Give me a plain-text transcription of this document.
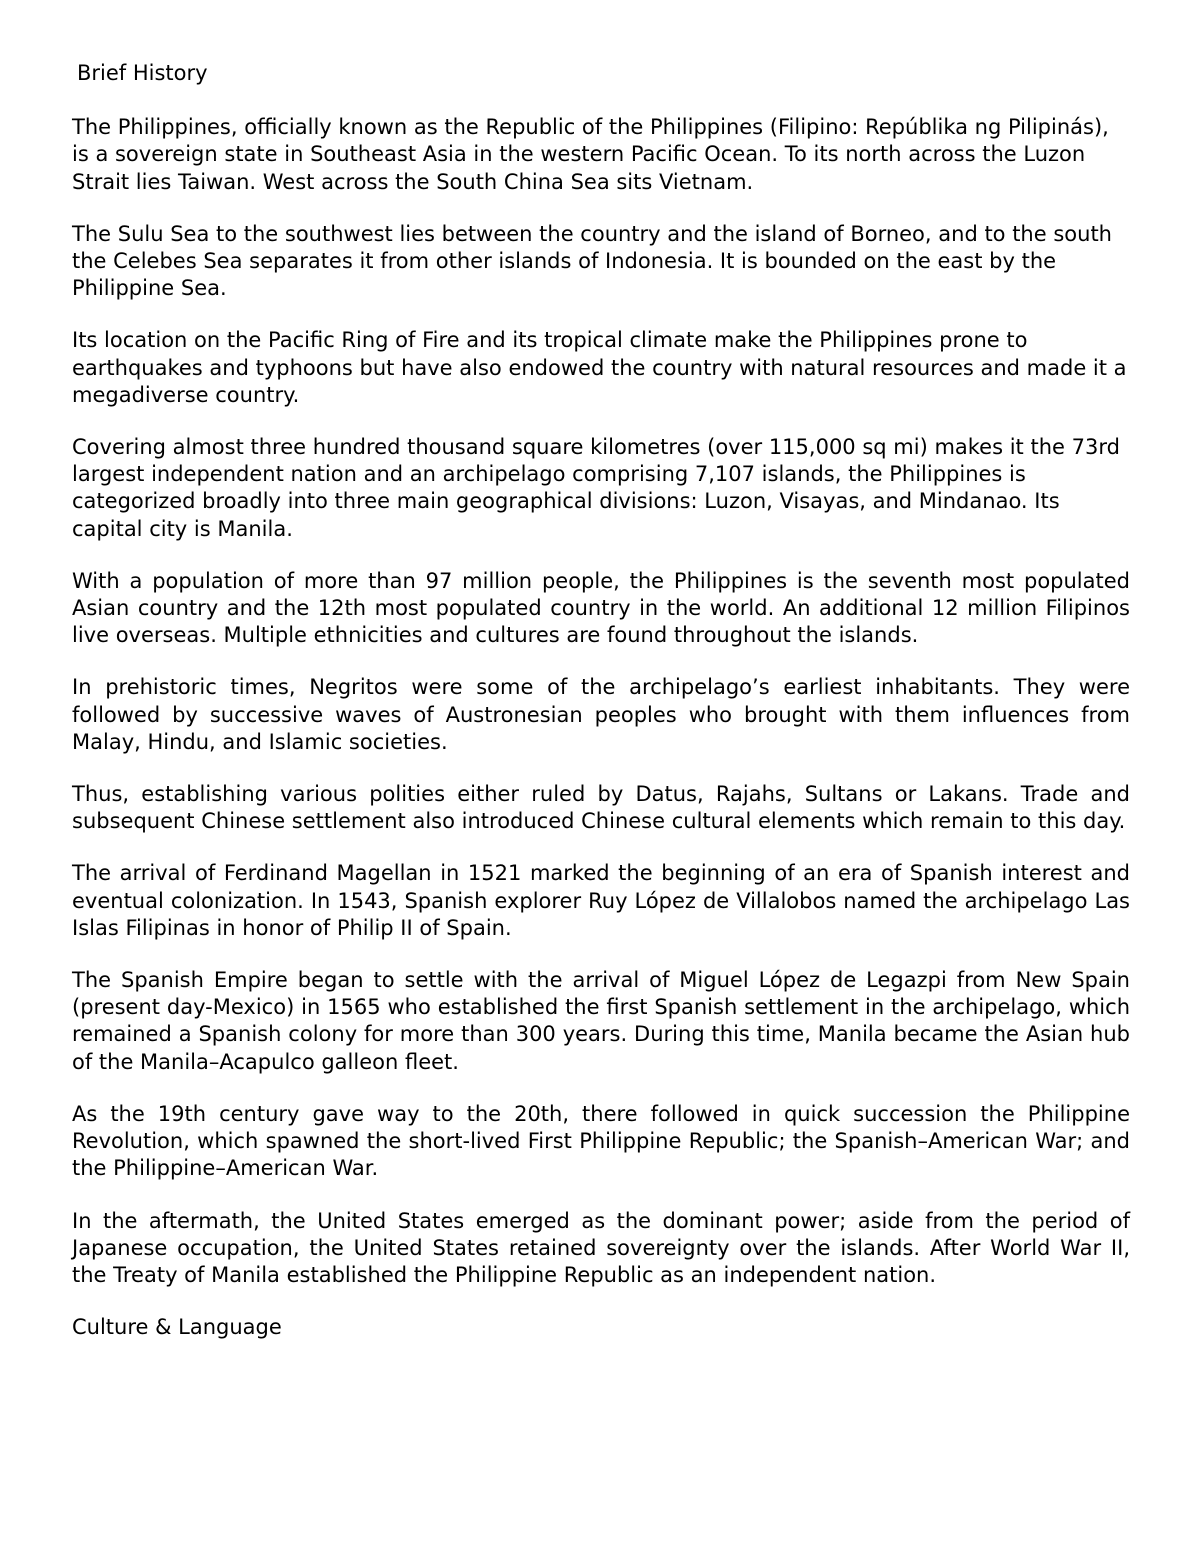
Brief History

The Philippines, officially known as the Republic of the Philippines (Filipino: Repúblika ng Pilipinás), is a sovereign state in Southeast Asia in the western Pacific Ocean. To its north across the Luzon Strait lies Taiwan. West across the South China Sea sits Vietnam.

The Sulu Sea to the southwest lies between the country and the island of Borneo, and to the south the Celebes Sea separates it from other islands of Indonesia. It is bounded on the east by the Philippine Sea.

Its location on the Pacific Ring of Fire and its tropical climate make the Philippines prone to earthquakes and typhoons but have also endowed the country with natural resources and made it a megadiverse country.

Covering almost three hundred thousand square kilometres (over 115,000 sq mi) makes it the 73rd largest independent nation and an archipelago comprising 7,107 islands, the Philippines is categorized broadly into three main geographical divisions: Luzon, Visayas, and Mindanao. Its capital city is Manila.

With a population of more than 97 million people, the Philippines is the seventh most populated Asian country and the 12th most populated country in the world. An additional 12 million Filipinos live overseas. Multiple ethnicities and cultures are found throughout the islands.

In prehistoric times, Negritos were some of the archipelago’s earliest inhabitants. They were followed by successive waves of Austronesian peoples who brought with them influences from Malay, Hindu, and Islamic societies.

Thus, establishing various polities either ruled by Datus, Rajahs, Sultans or Lakans. Trade and subsequent Chinese settlement also introduced Chinese cultural elements which remain to this day.

The arrival of Ferdinand Magellan in 1521 marked the beginning of an era of Spanish interest and eventual colonization. In 1543, Spanish explorer Ruy López de Villalobos named the archipelago Las Islas Filipinas in honor of Philip II of Spain.

The Spanish Empire began to settle with the arrival of Miguel López de Legazpi from New Spain (present day-Mexico) in 1565 who established the first Spanish settlement in the archipelago, which remained a Spanish colony for more than 300 years. During this time, Manila became the Asian hub of the Manila–Acapulco galleon fleet.

As the 19th century gave way to the 20th, there followed in quick succession the Philippine Revolution, which spawned the short-lived First Philippine Republic; the Spanish–American War; and the Philippine–American War.

In the aftermath, the United States emerged as the dominant power; aside from the period of Japanese occupation, the United States retained sovereignty over the islands. After World War II, the Treaty of Manila established the Philippine Republic as an independent nation.

Culture & Language
